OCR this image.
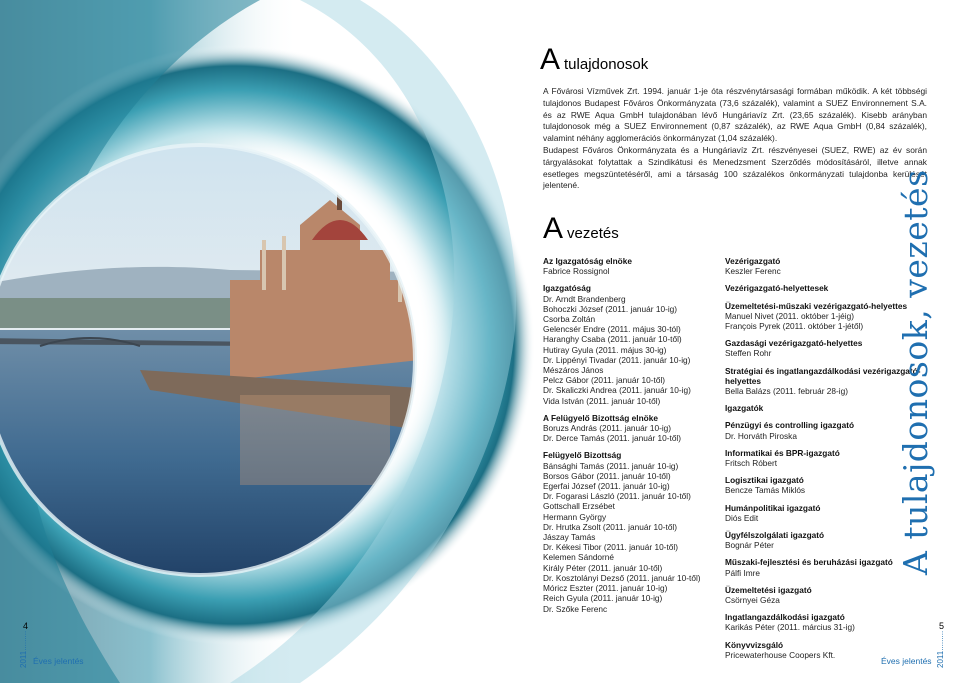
Atulajdonosok

A Fővárosi Vízművek Zrt. 1994. január 1-je óta részvénytársasági formában működik. A két többségi tulajdonos Budapest Főváros Önkormányzata (73,6 százalék), valamint a SUEZ Environnement S.A. és az RWE Aqua GmbH tulajdonában lévő Hungáriavíz Zrt. (23,65 százalék). Kisebb arányban tulajdonosok még a SUEZ Environnement (0,87 százalék), az RWE Aqua GmbH (0,84 százalék), valamint néhány agglomerációs önkormányzat (1,04 százalék).

Budapest Főváros Önkormányzata és a Hungáriavíz Zrt. részvényesei (SUEZ, RWE) az év során tárgyalásokat folytattak a Szindikátusi és Menedzsment Szerződés módosításáról, illetve annak esetleges megszüntetéséről, ami a társaság 100 százalékos önkormányzati tulajdonba kerülését jelentené.

Avezetés
Az Igazgatóság elnöke
Fabrice Rossignol
Igazgatóság
Dr. Arndt Brandenberg
Bohoczki József (2011. január 10-ig)
Csorba Zoltán
Gelencsér Endre (2011. május 30-tól)
Haranghy Csaba (2011. január 10-től)
Hutiray Gyula (2011. május 30-ig)
Dr. Lippényi Tivadar (2011. január 10-ig)
Mészáros János
Pelcz Gábor (2011. január 10-től)
Dr. Skaliczki Andrea (2011. január 10-ig)
Vida István (2011. január 10-től)
A Felügyelő Bizottság elnöke
Boruzs András (2011. január 10-ig)
Dr. Derce Tamás (2011. január 10-től)
Felügyelő Bizottság
Bánsághi Tamás (2011. január 10-ig)
Borsos Gábor (2011. január 10-től)
Egerfai József (2011. január 10-ig)
Dr. Fogarasi László (2011. január 10-től)
Gottschall Erzsébet
Hermann György
Dr. Hrutka Zsolt (2011. január 10-től)
Jászay Tamás
Dr. Kékesi Tibor (2011. január 10-től)
Kelemen Sándorné
Király Péter (2011. január 10-től)
Dr. Kosztolányi Dezső (2011. január 10-től)
Móricz Eszter (2011. január 10-ig)
Reich Gyula (2011. január 10-ig)
Dr. Szőke Ferenc
Vezérigazgató
Keszler Ferenc
Vezérigazgató-helyettesek
Üzemeltetési-műszaki vezérigazgató-helyettes
Manuel Nivet (2011. október 1-jéig)
François Pyrek (2011. október 1-jétől)
Gazdasági vezérigazgató-helyettes
Steffen Rohr
Stratégiai és ingatlangazdálkodási vezérigazgató-helyettes
Bella Balázs (2011. február 28-ig)
Igazgatók
Pénzügyi és controlling igazgató
Dr. Horváth Piroska
Informatikai és BPR-igazgató
Fritsch Róbert
Logisztikai igazgató
Bencze Tamás Miklós
Humánpolitikai igazgató
Diós Edit
Ügyfélszolgálati igazgató
Bognár Péter
Műszaki-fejlesztési és beruházási igazgató
Pálfi Imre
Üzemeltetési igazgató
Csörnyei Géza
Ingatlangazdálkodási igazgató
Karikás Péter (2011. március 31-ig)
Könyvvizsgáló
Pricewaterhouse Coopers Kft.
A tulajdonosok, vezetés
4	5
2011.........	2011.........
Éves jelentés	Éves jelentés
